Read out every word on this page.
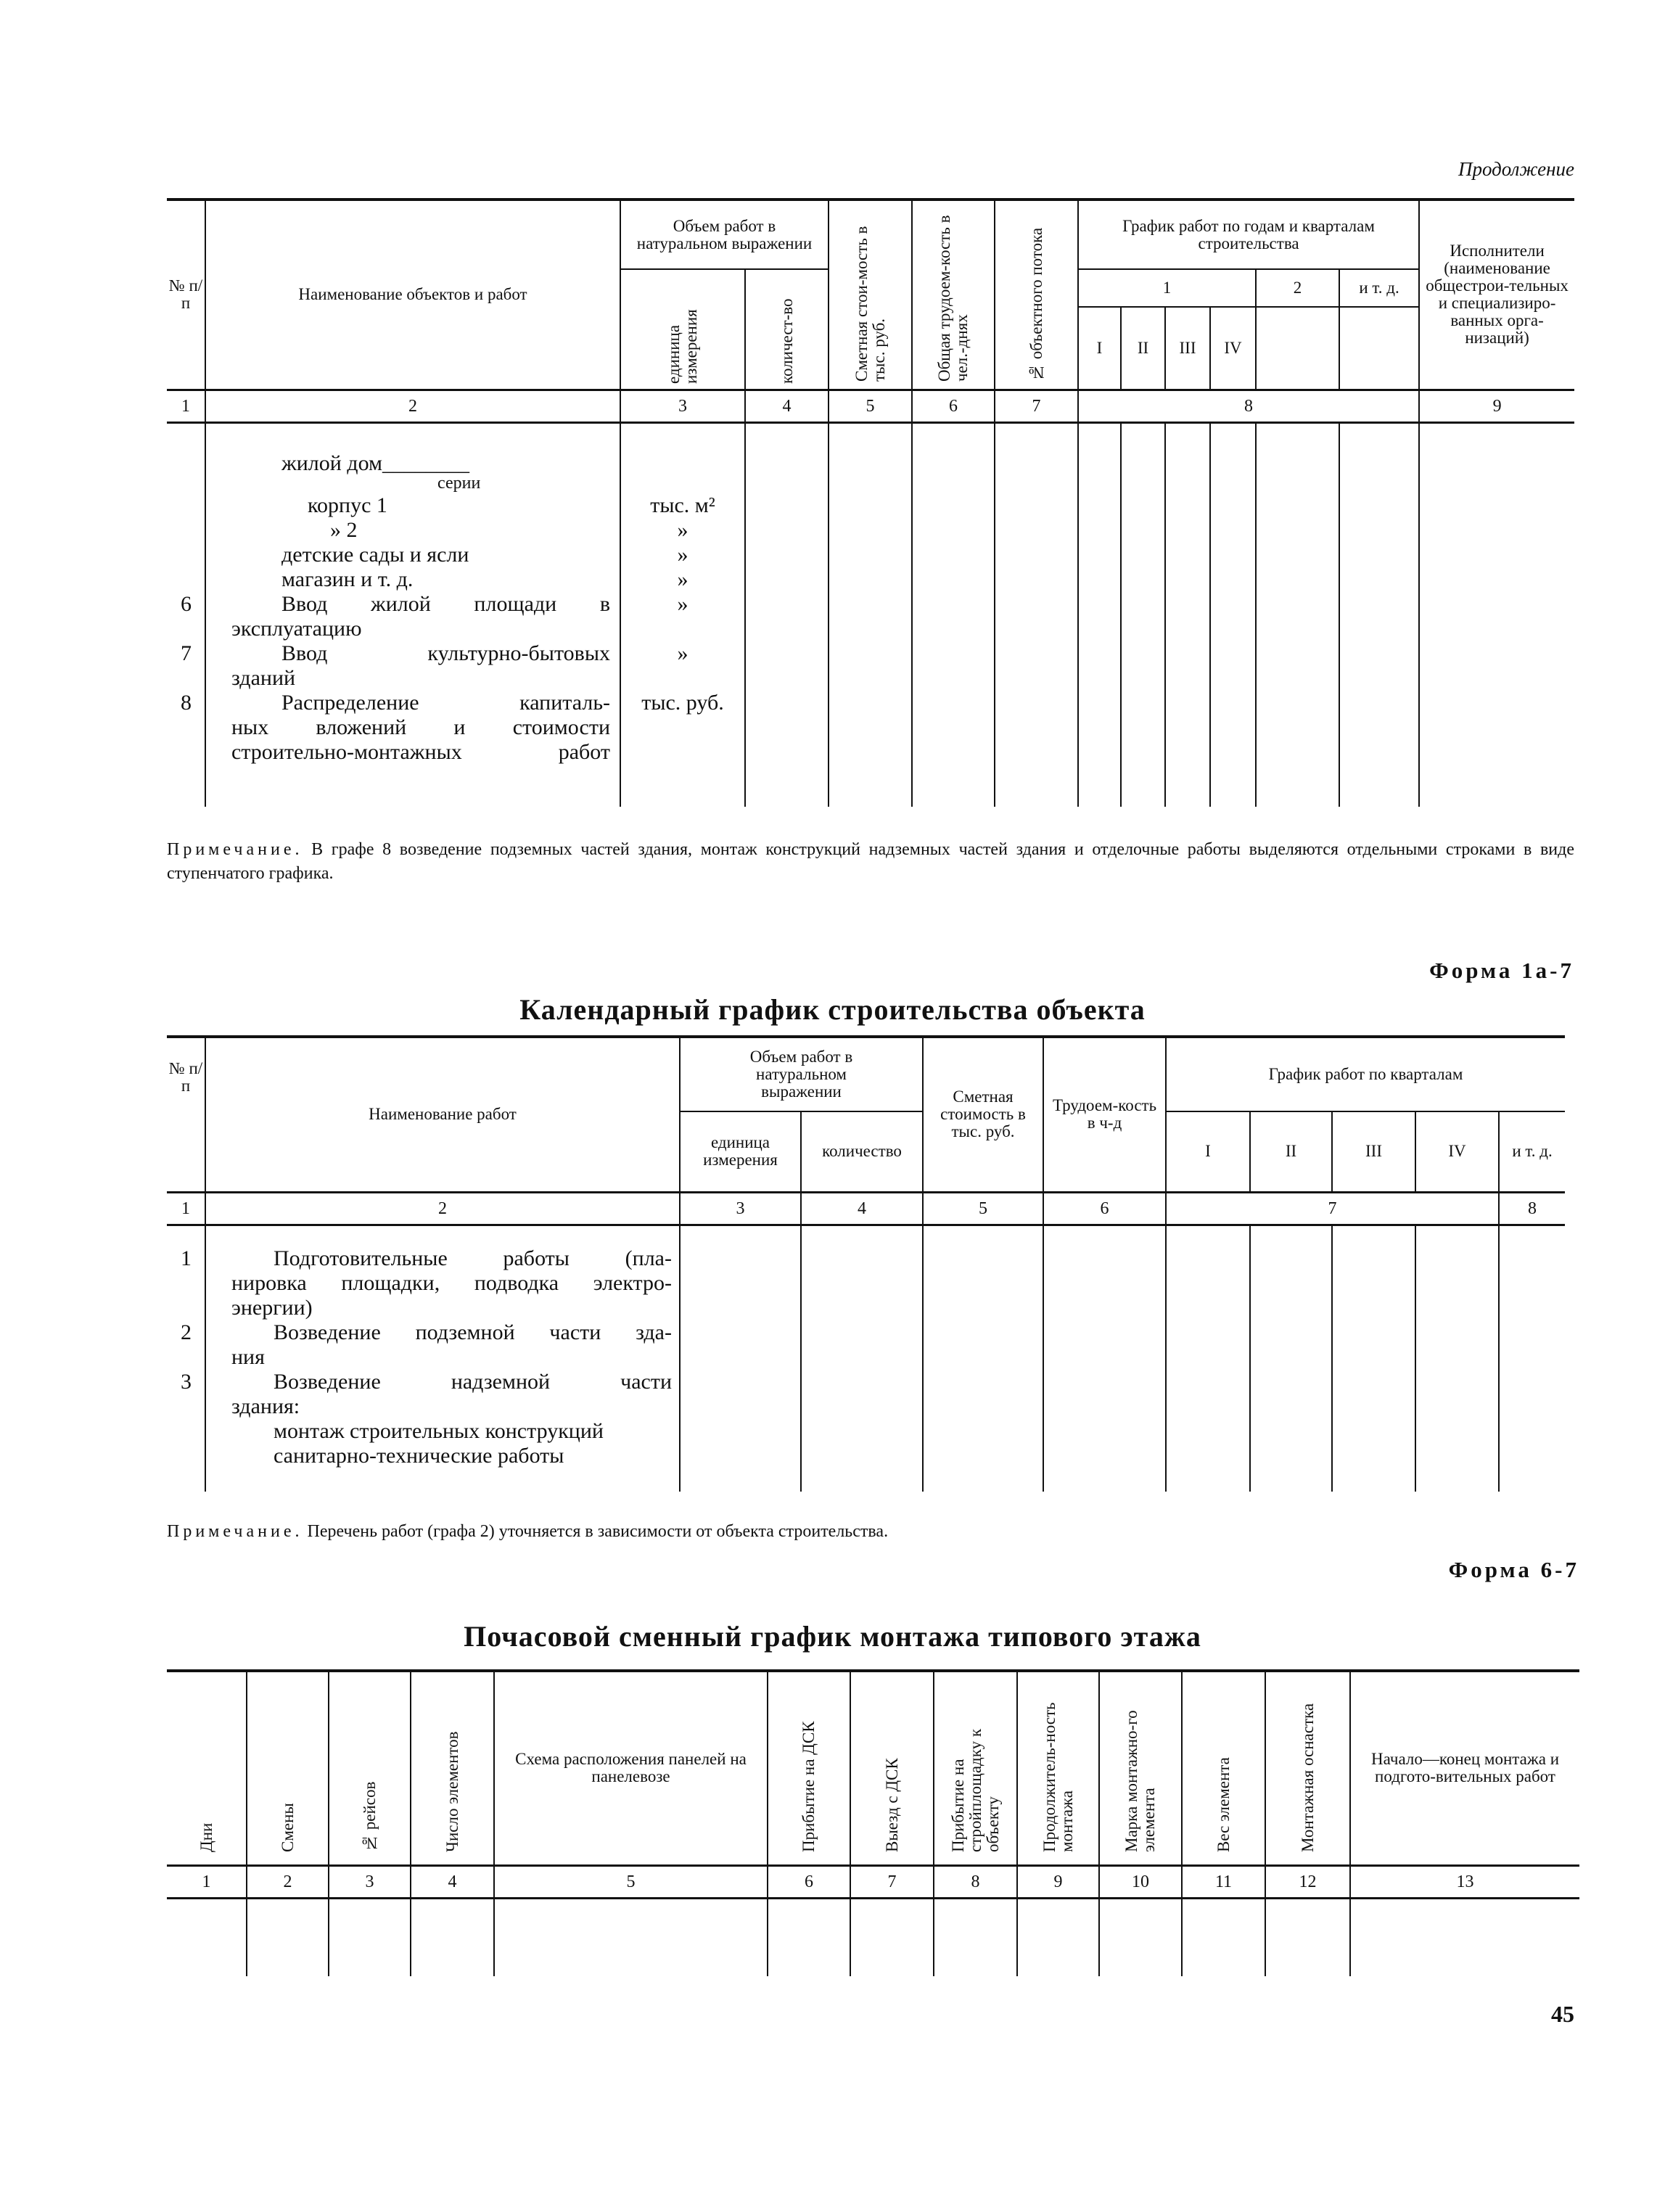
Продолжение
№ п/п	Наименование объектов и работ	Объем работ в натуральном выражении		Сметная стои-мость в тыс. руб.	Общая трудоем-кость в чел.-днях	№ объектного потока	График работ по годам и кварталам строительства						Исполнители (наименование общестрои-тельных и специализиро-ванных орга-низаций)
		единица измерения	количест-во				1				2	и т. д.	
							I	II	III	IV			
1	2	3	4	5	6	7	8						9

жилой дом________
серии
корпус 1	тыс. м²
» 2	»
детские сады и ясли	»
магазин и т. д.	»
6	Ввод жилой площади в	»
эксплуатацию
7	Ввод культурно-бытовых	»
зданий
8	Распределение капиталь-	тыс. руб.
ных вложений и стоимости
строительно-монтажных работ
Примечание. В графе 8 возведение подземных частей здания, монтаж конструкций надземных частей здания и отделочные работы выделяются отдельными строками в виде ступенчатого графика.
Форма 1а-7
Календарный график строительства объекта
№ п/п	Наименование работ	Объем работ в натуральном выражении		Сметная стоимость в тыс. руб.	Трудоем-кость в ч-д	График работ по кварталам				
		единица измерения	количество			I	II	III	IV	и т. д.
1	2	3	4	5	6	7				8

1	Подготовительные работы (пла-
нировка площадки, подводка электро-
энергии)
2	Возведение подземной части зда-
ния
3	Возведение надземной части
здания:
монтаж строительных конструкций
санитарно-технические работы
Примечание. Перечень работ (графа 2) уточняется в зависимости от объекта строительства.
Форма 6-7
Почасовой сменный график монтажа типового этажа
Дни	Смены	№ рейсов	Число элементов	Схема расположения панелей на панелевозе	Прибытие на ДСК	Выезд с ДСК	Прибытие на стройплощадку к объекту	Продолжитель-ность монтажа	Марка монтажно-го элемента	Вес элемента	Монтажная оснастка	Начало—конец монтажа и подгото-вительных работ
1	2	3	4	5	6	7	8	9	10	11	12	13

45
